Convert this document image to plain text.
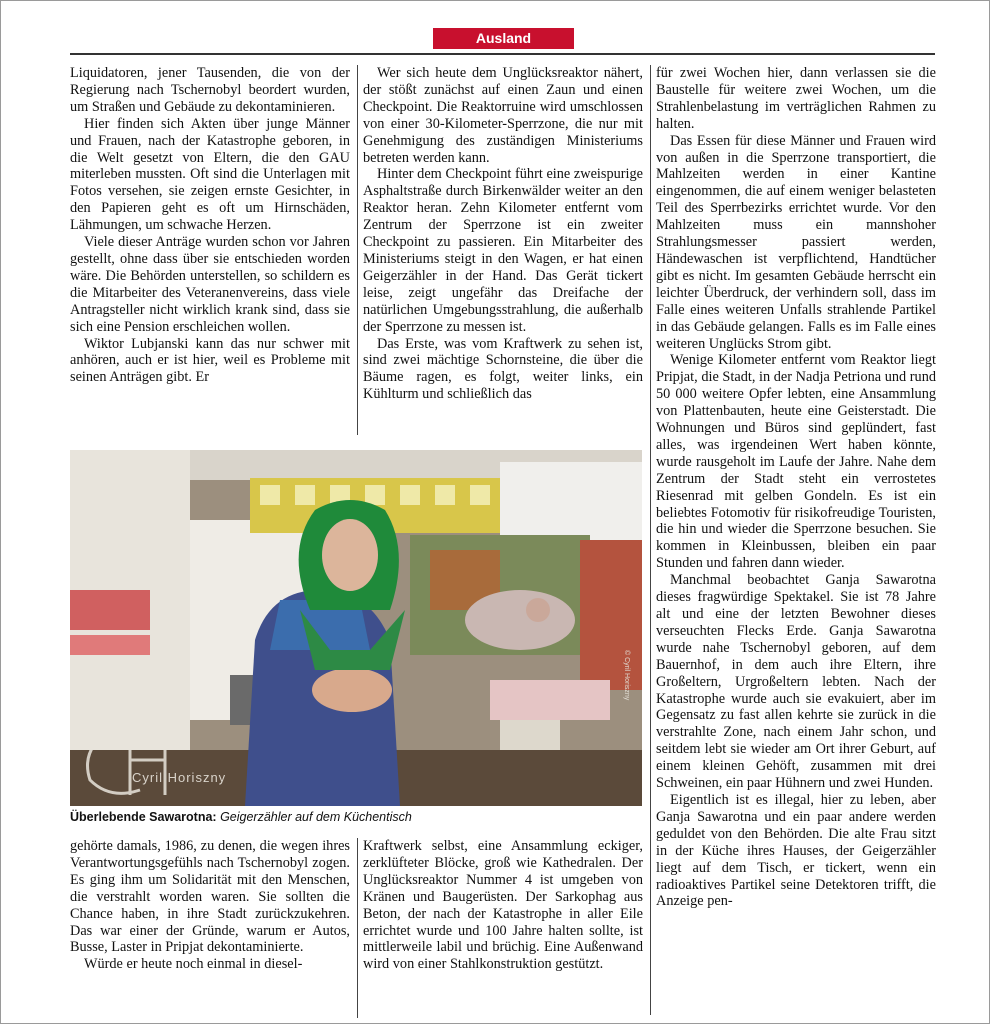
Ausland

Liquidatoren, jener Tausenden, die von der Regierung nach Tschernobyl beordert wurden, um Straßen und Gebäude zu dekontaminieren.

Hier finden sich Akten über junge Männer und Frauen, nach der Katastrophe geboren, in die Welt gesetzt von Eltern, die den GAU miterleben mussten. Oft sind die Unterlagen mit Fotos versehen, sie zeigen ernste Gesichter, in den Papieren geht es oft um Hirnschäden, Lähmungen, um schwache Herzen.

Viele dieser Anträge wurden schon vor Jahren gestellt, ohne dass über sie entschieden worden wäre. Die Behörden unterstellen, so schildern es die Mitarbeiter des Veteranenvereins, dass viele Antragsteller nicht wirklich krank sind, dass sie sich eine Pension erschleichen wollen.

Wiktor Lubjanski kann das nur schwer mit anhören, auch er ist hier, weil es Probleme mit seinen Anträgen gibt. Er

Wer sich heute dem Unglücksreaktor nähert, der stößt zunächst auf einen Zaun und einen Checkpoint. Die Reaktorruine wird umschlossen von einer 30-Kilometer-Sperrzone, die nur mit Genehmigung des zuständigen Ministeriums betreten werden kann.

Hinter dem Checkpoint führt eine zweispurige Asphaltstraße durch Birkenwälder weiter an den Reaktor heran. Zehn Kilometer entfernt vom Zentrum der Sperrzone ist ein zweiter Checkpoint zu passieren. Ein Mitarbeiter des Ministeriums steigt in den Wagen, er hat einen Geigerzähler in der Hand. Das Gerät tickert leise, zeigt ungefähr das Dreifache der natürlichen Umgebungsstrahlung, die außerhalb der Sperrzone zu messen ist.

Das Erste, was vom Kraftwerk zu sehen ist, sind zwei mächtige Schornsteine, die über die Bäume ragen, es folgt, weiter links, ein Kühlturm und schließlich das

für zwei Wochen hier, dann verlassen sie die Baustelle für weitere zwei Wochen, um die Strahlenbelastung im verträglichen Rahmen zu halten.

Das Essen für diese Männer und Frauen wird von außen in die Sperrzone transportiert, die Mahlzeiten werden in einer Kantine eingenommen, die auf einem weniger belasteten Teil des Sperrbezirks errichtet wurde. Vor den Mahlzeiten muss ein mannshoher Strahlungsmesser passiert werden, Händewaschen ist verpflichtend, Handtücher gibt es nicht. Im gesamten Gebäude herrscht ein leichter Überdruck, der verhindern soll, dass im Falle eines weiteren Unfalls strahlende Partikel in das Gebäude gelangen. Falls es im Falle eines weiteren Unglücks Strom gibt.

Wenige Kilometer entfernt vom Reaktor liegt Pripjat, die Stadt, in der Nadja Petriona und rund 50 000 weitere Opfer lebten, eine Ansammlung von Plattenbauten, heute eine Geisterstadt. Die Wohnungen und Büros sind geplündert, fast alles, was irgendeinen Wert haben könnte, wurde rausgeholt im Laufe der Jahre. Nahe dem Zentrum der Stadt steht ein verrostetes Riesenrad mit gelben Gondeln. Es ist ein beliebtes Fotomotiv für risikofreudige Touristen, die hin und wieder die Sperrzone besuchen. Sie kommen in Kleinbussen, bleiben ein paar Stunden und fahren dann wieder.

Manchmal beobachtet Ganja Sawarotna dieses fragwürdige Spektakel. Sie ist 78 Jahre alt und eine der letzten Bewohner dieses verseuchten Flecks Erde. Ganja Sawarotna wurde nahe Tschernobyl geboren, auf dem Bauernhof, in dem auch ihre Eltern, ihre Großeltern, Urgroßeltern lebten. Nach der Katastrophe wurde auch sie evakuiert, aber im Gegensatz zu fast allen kehrte sie zurück in die verstrahlte Zone, nach einem Jahr schon, und seitdem lebt sie wieder am Ort ihrer Geburt, auf einem kleinen Gehöft, zusammen mit drei Schweinen, ein paar Hühnern und zwei Hunden.

Eigentlich ist es illegal, hier zu leben, aber Ganja Sawarotna und ein paar andere werden geduldet von den Behörden. Die alte Frau sitzt in der Küche ihres Hauses, der Geigerzähler liegt auf dem Tisch, er tickert, wenn ein radioaktives Partikel seine Detektoren trifft, die Anzeige pen-

Cyril Horiszny
© Cyril Horiszny
Überlebende Sawarotna: Geigerzähler auf dem Küchentisch

gehörte damals, 1986, zu denen, die wegen ihres Verantwortungsgefühls nach Tschernobyl zogen. Es ging ihm um Solidarität mit den Menschen, die verstrahlt worden waren. Sie sollten die Chance haben, in ihre Stadt zurückzukehren. Das war einer der Gründe, warum er Autos, Busse, Laster in Pripjat dekontaminierte.

Würde er heute noch einmal in diesel-

Kraftwerk selbst, eine Ansammlung eckiger, zerklüfteter Blöcke, groß wie Kathedralen. Der Unglücksreaktor Nummer 4 ist umgeben von Kränen und Baugerüsten. Der Sarkophag aus Beton, der nach der Katastrophe in aller Eile errichtet wurde und 100 Jahre halten sollte, ist mittlerweile labil und brüchig. Eine Außenwand wird von einer Stahlkonstruktion gestützt.
